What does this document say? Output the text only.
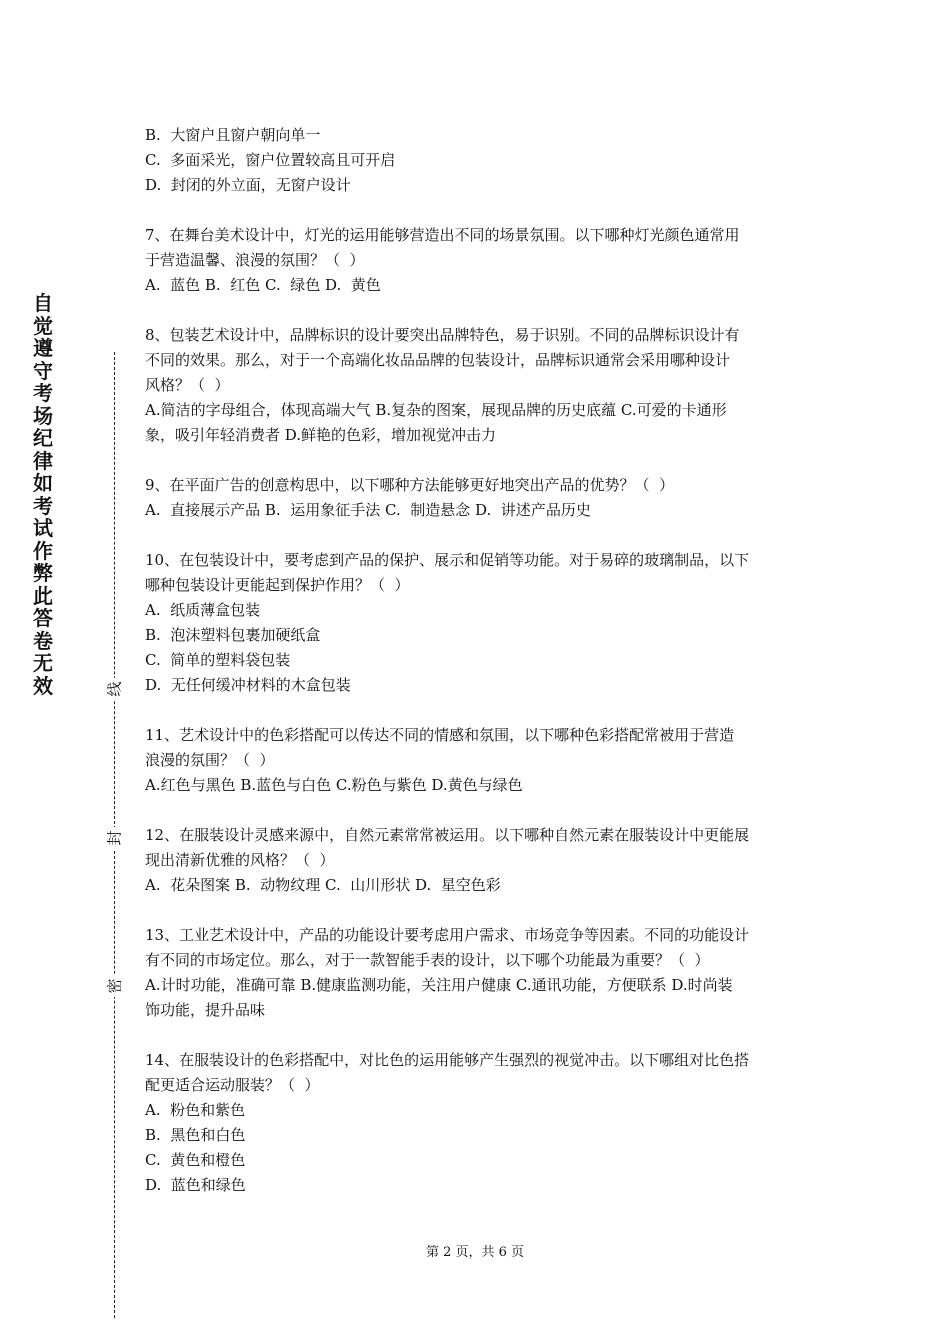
自觉遵守考场纪律如考试作弊此答卷无效	线
封
密
B.  大窗户且窗户朝向单一
C.  多面采光，窗户位置较高且可开启
D.  封闭的外立面，无窗户设计
7、在舞台美术设计中，灯光的运用能够营造出不同的场景氛围。以下哪种灯光颜色通常用
于营造温馨、浪漫的氛围？（  ）
A.  蓝色 B.  红色 C.  绿色 D.  黄色
8、包装艺术设计中，品牌标识的设计要突出品牌特色，易于识别。不同的品牌标识设计有
不同的效果。那么，对于一个高端化妆品品牌的包装设计，品牌标识通常会采用哪种设计
风格？（  ）
A.简洁的字母组合，体现高端大气 B.复杂的图案，展现品牌的历史底蕴 C.可爱的卡通形
象，吸引年轻消费者 D.鲜艳的色彩，增加视觉冲击力
9、在平面广告的创意构思中，以下哪种方法能够更好地突出产品的优势？（  ）
A.  直接展示产品 B.  运用象征手法 C.  制造悬念 D.  讲述产品历史
10、在包装设计中，要考虑到产品的保护、展示和促销等功能。对于易碎的玻璃制品，以下
哪种包装设计更能起到保护作用？（  ）
A.  纸质薄盒包装
B.  泡沫塑料包裹加硬纸盒
C.  简单的塑料袋包装
D.  无任何缓冲材料的木盒包装
11、艺术设计中的色彩搭配可以传达不同的情感和氛围，以下哪种色彩搭配常被用于营造
浪漫的氛围？（  ）
A.红色与黑色 B.蓝色与白色 C.粉色与紫色 D.黄色与绿色
12、在服装设计灵感来源中，自然元素常常被运用。以下哪种自然元素在服装设计中更能展
现出清新优雅的风格？（  ）
A.  花朵图案 B.  动物纹理 C.  山川形状 D.  星空色彩
13、工业艺术设计中，产品的功能设计要考虑用户需求、市场竞争等因素。不同的功能设计
有不同的市场定位。那么，对于一款智能手表的设计，以下哪个功能最为重要？（  ）
A.计时功能，准确可靠 B.健康监测功能，关注用户健康 C.通讯功能，方便联系 D.时尚装
饰功能，提升品味
14、在服装设计的色彩搭配中，对比色的运用能够产生强烈的视觉冲击。以下哪组对比色搭
配更适合运动服装？（  ）
A.  粉色和紫色
B.  黑色和白色
C.  黄色和橙色
D.  蓝色和绿色
第 2 页，共 6 页
